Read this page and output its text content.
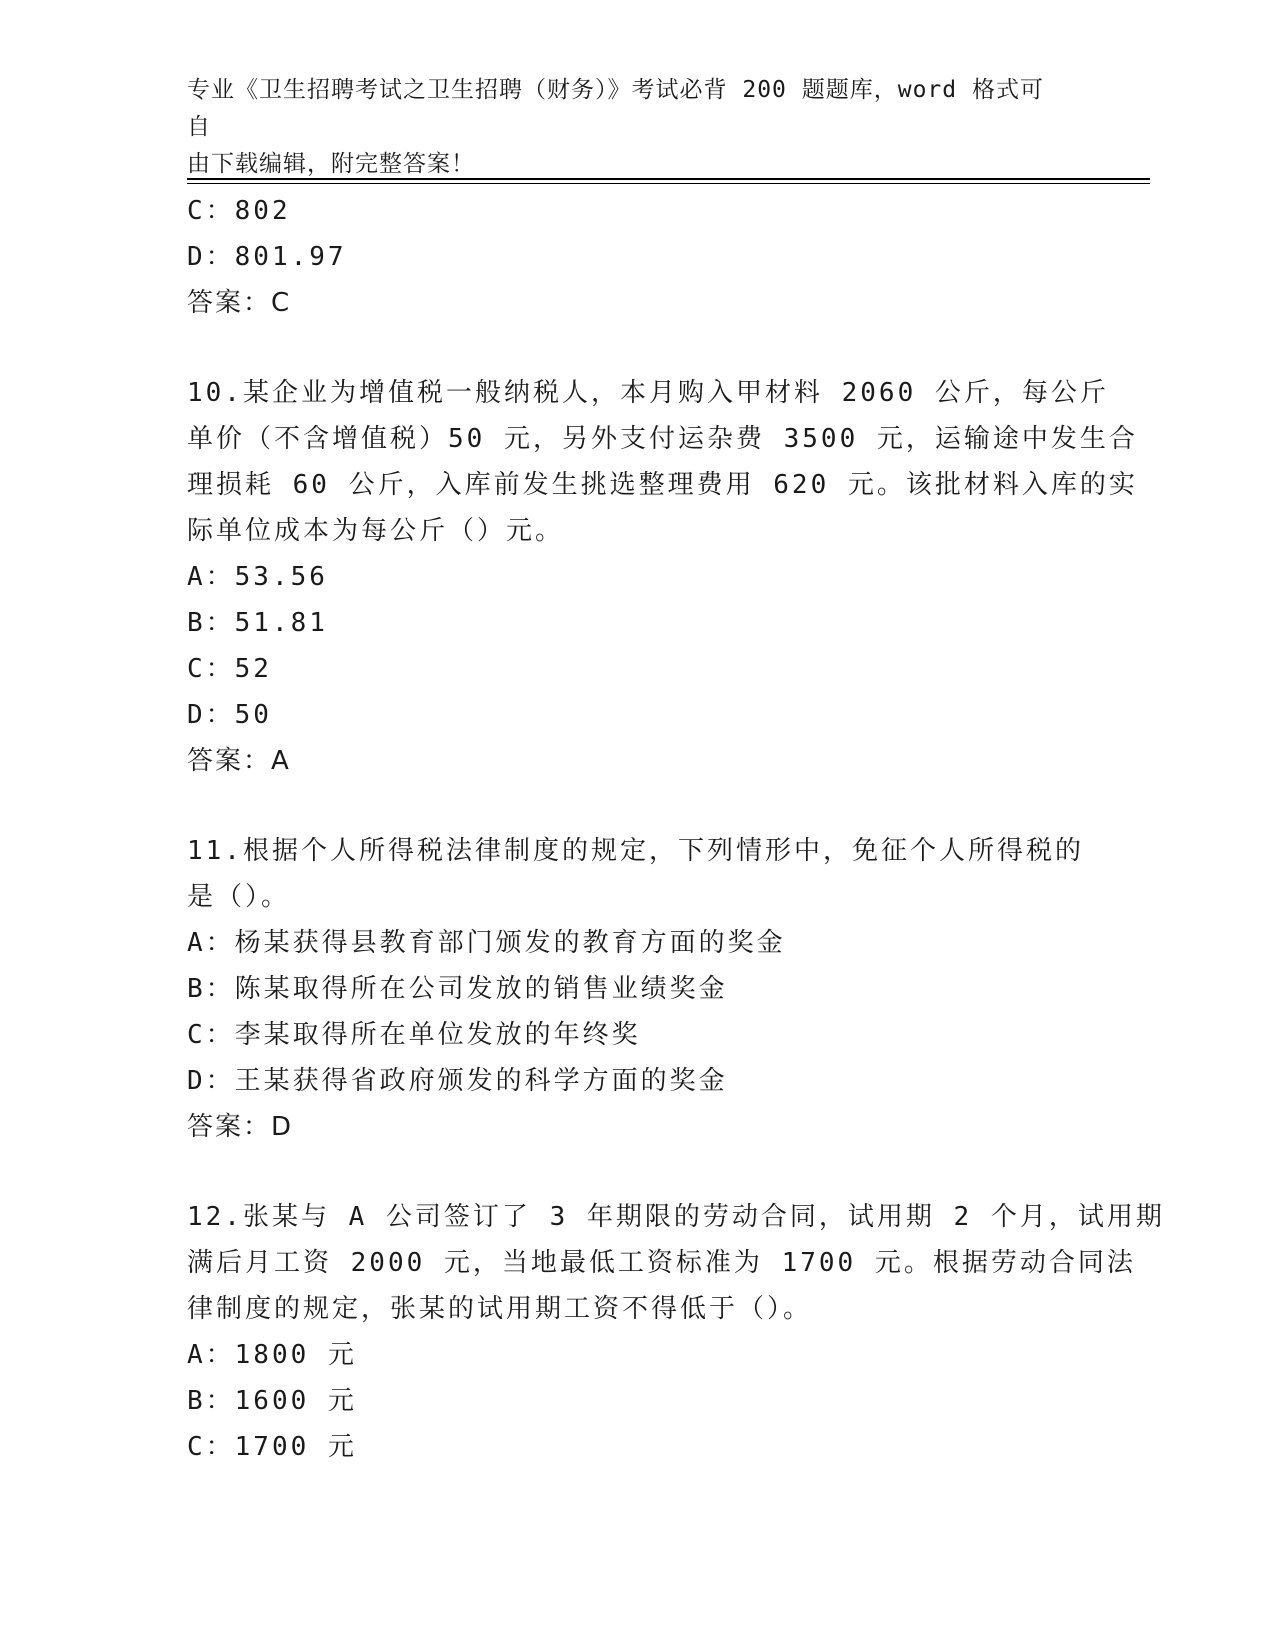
专业《卫生招聘考试之卫生招聘（财务）》考试必背 200 题题库，word 格式可自
由下载编辑，附完整答案！
C：802
D：801.97
答案：C
10.某企业为增值税一般纳税人，本月购入甲材料 2060 公斤，每公斤
单价（不含增值税）50 元，另外支付运杂费 3500 元，运输途中发生合
理损耗 60 公斤，入库前发生挑选整理费用 620 元。该批材料入库的实
际单位成本为每公斤（）元。
A：53.56
B：51.81
C：52
D：50
答案：A
11.根据个人所得税法律制度的规定，下列情形中，免征个人所得税的
是（）。
A：杨某获得县教育部门颁发的教育方面的奖金
B：陈某取得所在公司发放的销售业绩奖金
C：李某取得所在单位发放的年终奖
D：王某获得省政府颁发的科学方面的奖金
答案：D
12.张某与 A 公司签订了 3 年期限的劳动合同，试用期 2 个月，试用期
满后月工资 2000 元，当地最低工资标准为 1700 元。根据劳动合同法
律制度的规定，张某的试用期工资不得低于（）。
A：1800 元
B：1600 元
C：1700 元
